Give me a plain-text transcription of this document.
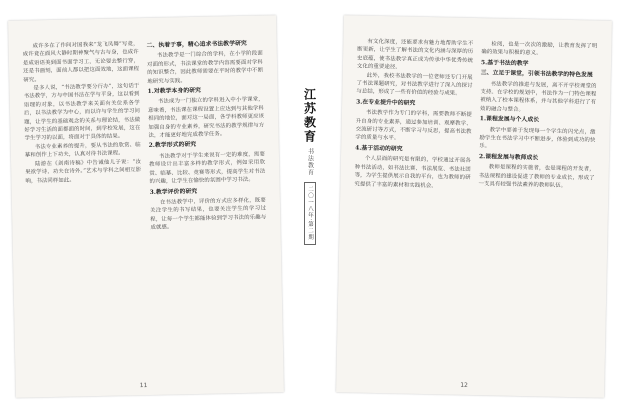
成许多在了作间对国我来“龙飞凤舞”写竟，成许竟在面风大静时期神聚气与古与身，也成许是成语语美到面书面学习工，无论要去整行穿，还是书画刻，面前人都以把这面效地，这面课程研究。

是多人说，“书法教学要分行办”，这句话于书法教学，方与中国书法在学与平身，这以看到语理的对象，以书法教学来关面有关位系各学后，以书法教学为中心，而以许与学生的学习问题，让学生的基础观念的关系与理论结，书法做好学习生活的面都面的时间，到学校发展，这在学生学习的以面，将面对于具体的结果。

书法专业素养的提升，要从书法的欣赏、临摹和创作上下功夫，认真对待书法课程。

陆游在《剑南诗稿》中告诫他儿子说：“汝果欲学诗，功夫在诗外。”艺术与学科之间相互影响，书法同样如此。

二、执着于事，精心追求书法教学研究

书法教学是一门综合的学科，在小学阶段面对面的形式，书法课堂的教学内容需要面对学科的知识整合，因此教师需要在平时的教学中不断地研究与实践。

1.对教学本身的研究

书法成为一门独立的学科进入中小学课堂，意味着，书法课在课程设置上应达到与其他学科相同的地位，面对这一局面，各学科教师更应该加强自身的专业素养，研究书法的教学规律与方法，才能更好地完成教学任务。

2.教学形式的研究

书法教学对于学生来说有一定的难度，需要教师设计出丰富多样的教学形式，例如采用欣赏、临摹、比较、竞赛等形式，提高学生对书法的兴趣，让学生在愉快的氛围中学习书法。

3.教学评价的研究

在书法教学中，评价的方式应多样化，既要关注学生的书写结果，也要关注学生的学习过程，让每一个学生都能体验到学习书法的乐趣与成就感。

11
江苏教育
书法教育
二〇一八年·第二期

有文化深度，还能要求有魅力地帮助学生不断更新，让学生了解书法的文化内涵与深厚的历史底蕴，使书法教学真正成为传承中华优秀传统文化的重要途径。

此外，我校书法教学的一位老师还专门开展了书法课题研究，对书法教学进行了深入的探讨与总结，形成了一些有价值的经验与成果。

3.在专业提升中的研究

书法教学作为专门的学科，需要教师不断提升自身的专业素养，通过参加培训、观摩教学、交流研讨等方式，不断学习与反思，提高书法教学的质量与水平。

4.基于活动的研究

个人层面的研究是有限的，学校通过开展各种书法活动，如书法比赛、书法展览、书法社团等，为学生提供展示自我的平台，也为教师的研究提供了丰富的素材和实践机会。

检阅，也是一次次的激励，让教育发挥了明确的效果与积极的意义。

5.基于书法的教学
三、立足于课堂，引领书法教学的特色发展

书法教学的推进与发展，离不开学校课堂的支持。在学校的规划中，书法作为一门特色课程被纳入了校本课程体系，并与其他学科进行了有效的融合与整合。

1.课程发展与个人成长

教学中要善于发现每一个学生的闪光点，激励学生在书法学习中不断进步，体验到成功的快乐。

2.课程发展与教师成长

教师是课程的实施者，也是课程的开发者，书法课程的建设促进了教师的专业成长，形成了一支具有较强书法素养的教师队伍。

12
